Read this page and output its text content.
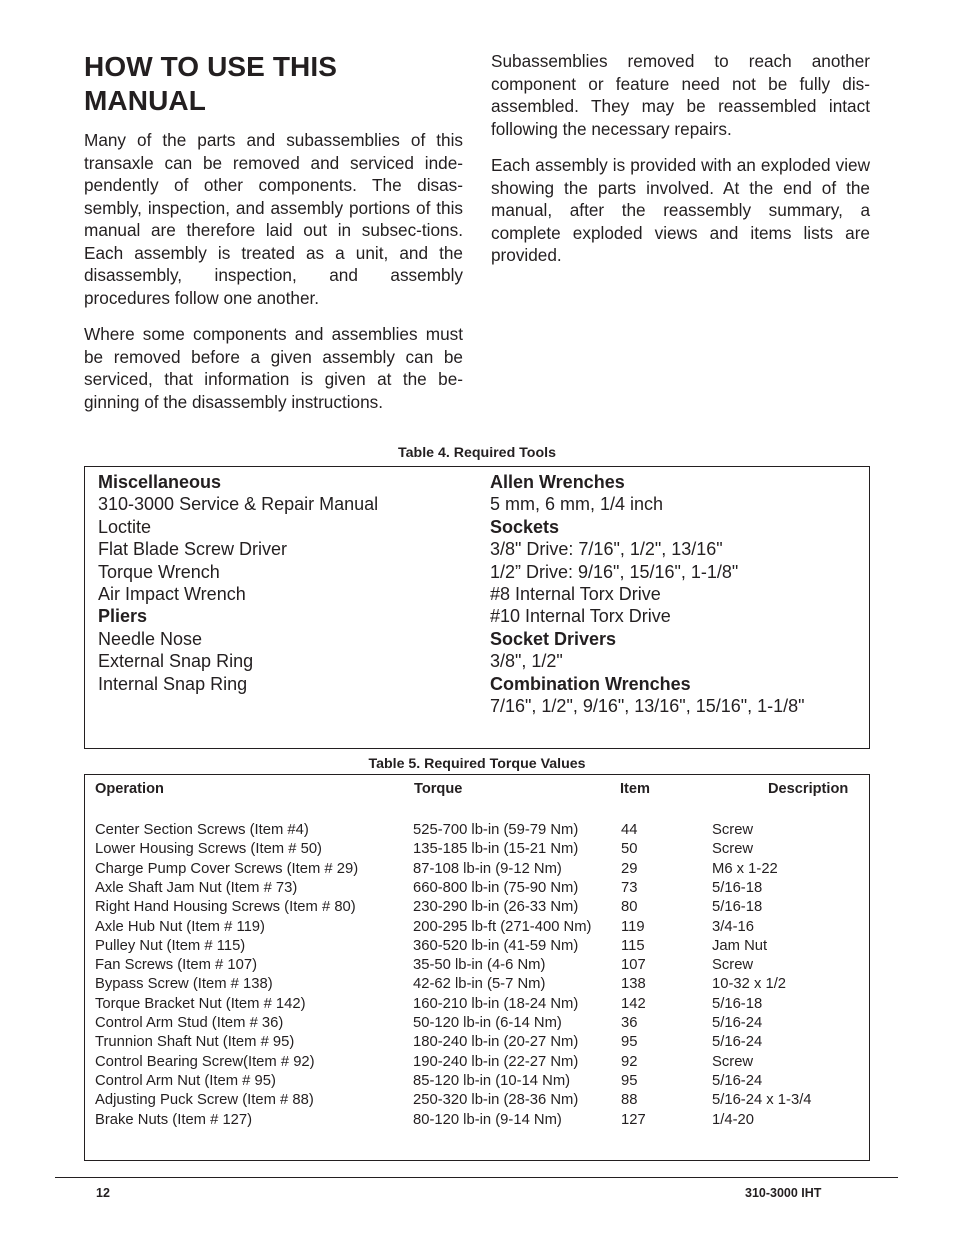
HOW TO USE THIS MANUAL

Many of the parts and subassemblies of this transaxle can be removed and serviced inde-pendently of other components. The disas-sembly, inspection, and assembly portions of this manual are therefore laid out in subsec-tions. Each assembly is treated as a unit, and the disassembly, inspection, and assembly procedures follow one another.

Where some components and assemblies must be removed before a given assembly can be serviced, that information is given at the be-ginning of the disassembly instructions.

Subassemblies removed to reach another component or feature need not be fully dis-assembled. They may be reassembled intact following the necessary repairs.

Each assembly is provided with an exploded view showing the parts involved. At the end of the manual, after the reassembly summary, a complete exploded views and items lists are provided.

Table 4. Required Tools
Miscellaneous
310-3000 Service & Repair Manual
Loctite
Flat Blade Screw Driver
Torque Wrench
Air Impact Wrench
Pliers
Needle Nose
External Snap Ring
Internal Snap Ring
Allen Wrenches
5 mm, 6 mm, 1/4 inch
Sockets
3/8" Drive: 7/16", 1/2", 13/16"
1/2” Drive: 9/16", 15/16", 1-1/8"
#8 Internal Torx Drive
#10 Internal Torx Drive
Socket Drivers
3/8", 1/2"
Combination Wrenches
7/16", 1/2", 9/16", 13/16", 15/16", 1-1/8"
Table 5. Required Torque Values
Operation	Torque	Item	Description
Center Section Screws (Item #4)	525-700 lb-in (59-79 Nm)	44	Screw
Lower Housing Screws (Item # 50)	135-185 lb-in (15-21 Nm)	50	Screw
Charge Pump Cover Screws (Item # 29)	87-108 lb-in (9-12 Nm)	29	M6 x 1-22
Axle Shaft Jam Nut (Item # 73)	660-800 lb-in (75-90 Nm)	73	5/16-18
Right Hand Housing Screws (Item # 80)	230-290 lb-in (26-33 Nm)	80	5/16-18
Axle Hub Nut (Item # 119)	200-295 lb-ft (271-400 Nm) 119	3/4-16
Pulley Nut (Item # 115)	360-520 lb-in (41-59 Nm)	115	Jam Nut
Fan Screws (Item # 107)	35-50 lb-in (4-6 Nm)	107	Screw
Bypass Screw (Item # 138)	42-62 lb-in (5-7 Nm)	138	10-32 x 1/2
Torque Bracket Nut (Item # 142)	160-210 lb-in (18-24 Nm)	142	5/16-18
Control Arm Stud (Item # 36)	50-120 lb-in (6-14 Nm)	36	5/16-24
Trunnion Shaft Nut (Item # 95)	180-240 lb-in (20-27 Nm)	95	5/16-24
Control Bearing Screw(Item # 92)	190-240 lb-in (22-27 Nm)	92	Screw
Control Arm Nut (Item # 95)	85-120 lb-in (10-14 Nm)	95	5/16-24
Adjusting Puck Screw (Item # 88)	250-320 lb-in (28-36 Nm)	88	5/16-24 x 1-3/4
Brake Nuts (Item # 127)	80-120 lb-in (9-14 Nm)	127	1/4-20
12	310-3000 IHT
